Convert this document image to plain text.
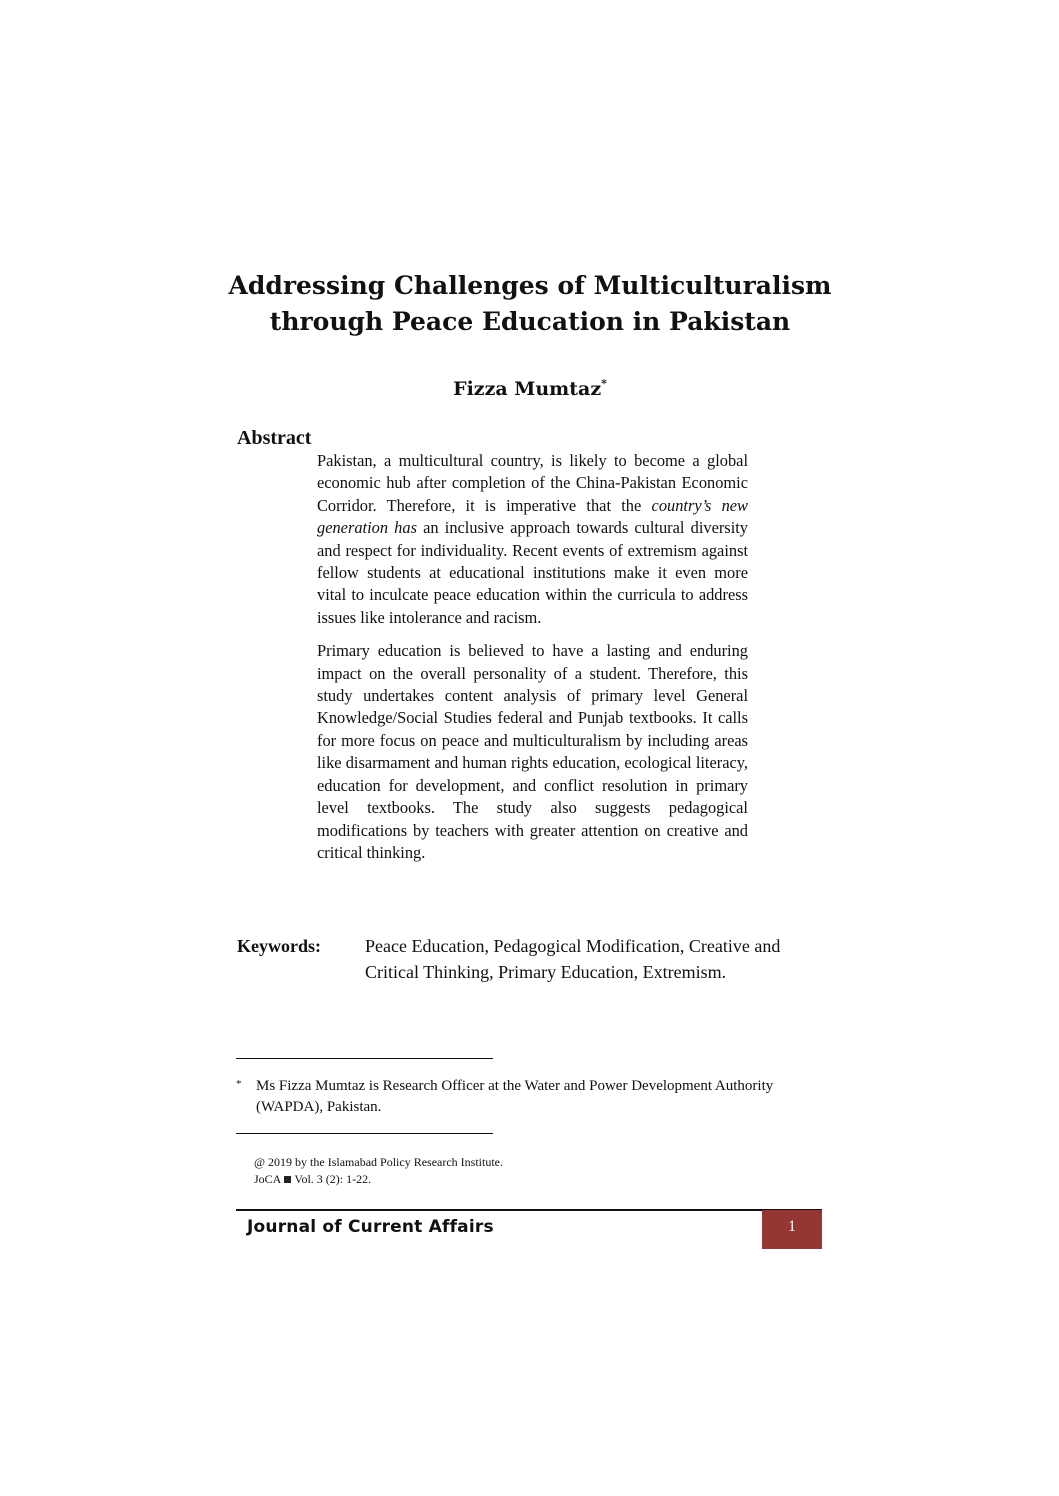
Addressing Challenges of Multiculturalism
through Peace Education in Pakistan
Fizza Mumtaz*
Abstract

Pakistan, a multicultural country, is likely to become a global economic hub after completion of the China-Pakistan Economic Corridor. Therefore, it is imperative that the country’s new generation has an inclusive approach towards cultural diversity and respect for individuality. Recent events of extremism against fellow students at educational institutions make it even more vital to inculcate peace education within the curricula to address issues like intolerance and racism.

Primary education is believed to have a lasting and enduring impact on the overall personality of a student. Therefore, this study undertakes content analysis of primary level General Knowledge/Social Studies federal and Punjab textbooks. It calls for more focus on peace and multiculturalism by including areas like disarmament and human rights education, ecological literacy, education for development, and conflict resolution in primary level textbooks. The study also suggests pedagogical modifications by teachers with greater attention on creative and critical thinking.

Keywords: Peace Education, Pedagogical Modification, Creative and Critical Thinking, Primary Education, Extremism.
* Ms Fizza Mumtaz is Research Officer at the Water and Power Development Authority (WAPDA), Pakistan.
@ 2019 by the Islamabad Policy Research Institute.
JoCA Vol. 3 (2): 1-22.
Journal of Current Affairs	1
